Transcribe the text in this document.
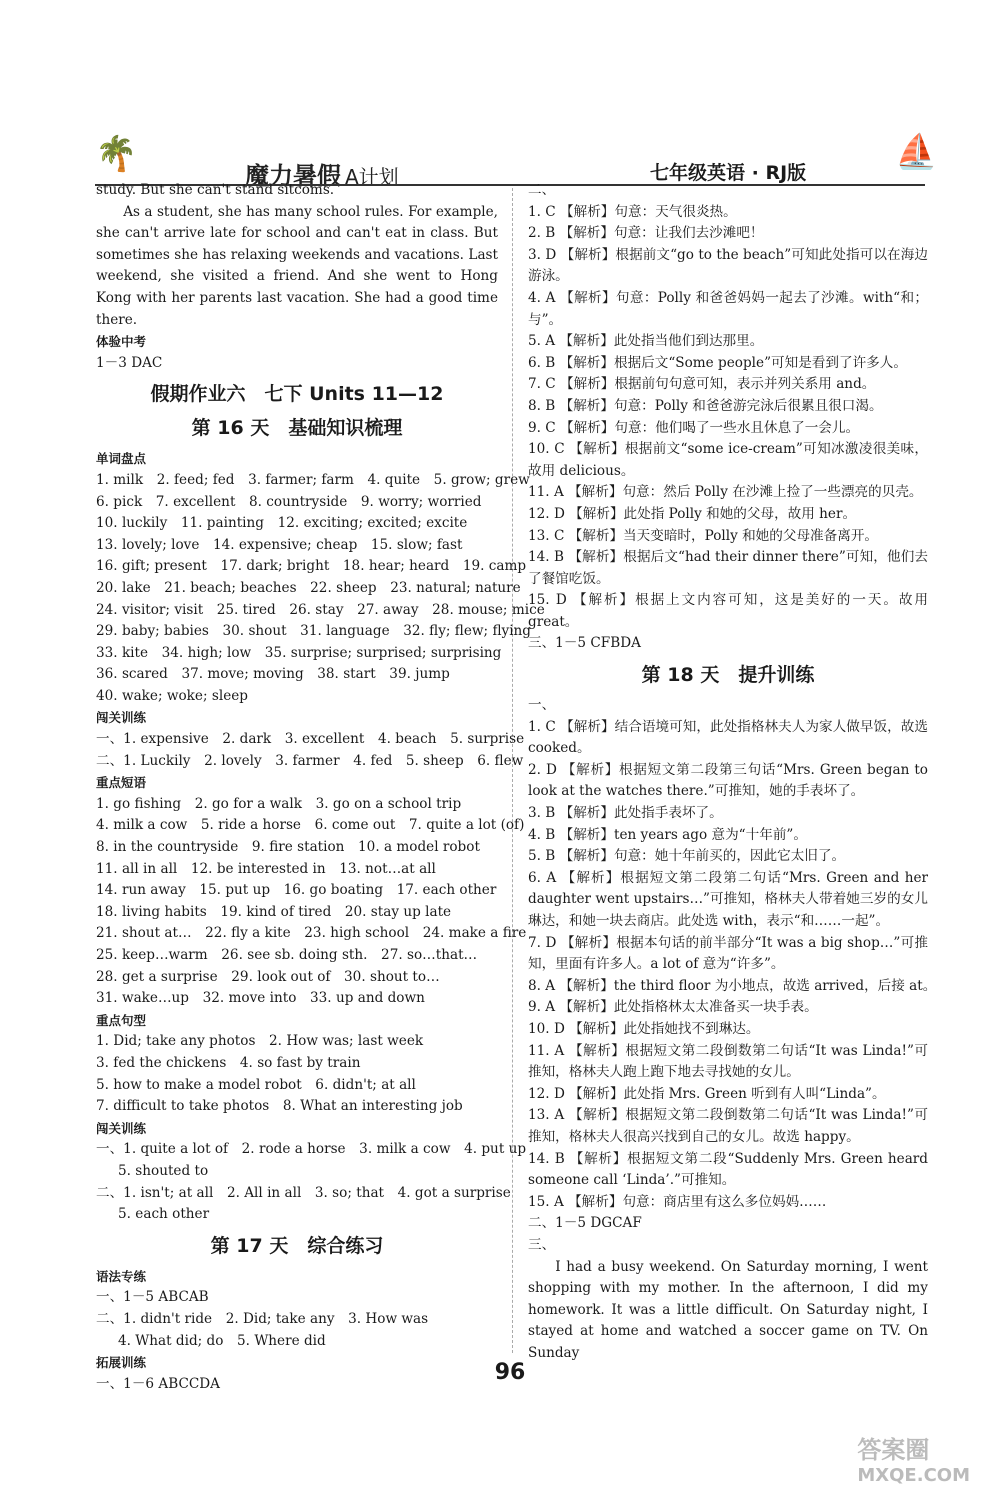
🌴
魔力暑假 A计划	七年级英语 · RJ版
⛵
study. But she can't stand sitcoms.
As a student, she has many school rules. For example, she can't arrive late for school and can't eat in class. But sometimes she has relaxing weekends and vacations. Last weekend, she visited a friend. And she went to Hong Kong with her parents last vacation. She had a good time there.
体验中考
1－3 DAC
假期作业六　七下 Units 11—12
第 16 天　基础知识梳理
单词盘点
1. milk　2. feed; fed　3. farmer; farm　4. quite　5. grow; grew
6. pick　7. excellent　8. countryside　9. worry; worried
10. luckily　11. painting　12. exciting; excited; excite
13. lovely; love　14. expensive; cheap　15. slow; fast
16. gift; present　17. dark; bright　18. hear; heard　19. camp
20. lake　21. beach; beaches　22. sheep　23. natural; nature
24. visitor; visit　25. tired　26. stay　27. away　28. mouse; mice
29. baby; babies　30. shout　31. language　32. fly; flew; flying
33. kite　34. high; low　35. surprise; surprised; surprising
36. scared　37. move; moving　38. start　39. jump
40. wake; woke; sleep
闯关训练
一、1. expensive　2. dark　3. excellent　4. beach　5. surprise
二、1. Luckily　2. lovely　3. farmer　4. fed　5. sheep　6. flew
重点短语
1. go fishing　2. go for a walk　3. go on a school trip
4. milk a cow　5. ride a horse　6. come out　7. quite a lot (of)
8. in the countryside　9. fire station　10. a model robot
11. all in all　12. be interested in　13. not…at all
14. run away　15. put up　16. go boating　17. each other
18. living habits　19. kind of tired　20. stay up late
21. shout at…　22. fly a kite　23. high school　24. make a fire
25. keep…warm　26. see sb. doing sth.　27. so…that…
28. get a surprise　29. look out of　30. shout to…
31. wake…up　32. move into　33. up and down
重点句型
1. Did; take any photos　2. How was; last week
3. fed the chickens　4. so fast by train
5. how to make a model robot　6. didn't; at all
7. difficult to take photos　8. What an interesting job
闯关训练
一、1. quite a lot of　2. rode a horse　3. milk a cow　4. put up
5. shouted to
二、1. isn't; at all　2. All in all　3. so; that　4. got a surprise
5. each other
第 17 天　综合练习
语法专练
一、1－5 ABCAB
二、1. didn't ride　2. Did; take any　3. How was
4. What did; do　5. Where did
拓展训练
一、1－6 ABCCDA
二、
1. C 【解析】句意：天气很炎热。
2. B 【解析】句意：让我们去沙滩吧！
3. D 【解析】根据前文“go to the beach”可知此处指可以在海边游泳。
4. A 【解析】句意：Polly 和爸爸妈妈一起去了沙滩。with“和；与”。
5. A 【解析】此处指当他们到达那里。
6. B 【解析】根据后文“Some people”可知是看到了许多人。
7. C 【解析】根据前句句意可知，表示并列关系用 and。
8. B 【解析】句意：Polly 和爸爸游完泳后很累且很口渴。
9. C 【解析】句意：他们喝了一些水且休息了一会儿。
10. C 【解析】根据前文“some ice-cream”可知冰激凌很美味，故用 delicious。
11. A 【解析】句意：然后 Polly 在沙滩上捡了一些漂亮的贝壳。
12. D 【解析】此处指 Polly 和她的父母，故用 her。
13. C 【解析】当天变暗时，Polly 和她的父母准备离开。
14. B 【解析】根据后文“had their dinner there”可知，他们去了餐馆吃饭。
15. D 【解析】根据上文内容可知，这是美好的一天。故用 great。
三、1－5 CFBDA
第 18 天　提升训练
一、
1. C 【解析】结合语境可知，此处指格林夫人为家人做早饭，故选 cooked。
2. D 【解析】根据短文第二段第三句话“Mrs. Green began to look at the watches there.”可推知，她的手表坏了。
3. B 【解析】此处指手表坏了。
4. B 【解析】ten years ago 意为“十年前”。
5. B 【解析】句意：她十年前买的，因此它太旧了。
6. A 【解析】根据短文第二段第二句话“Mrs. Green and her daughter went upstairs…”可推知，格林夫人带着她三岁的女儿琳达，和她一块去商店。此处选 with，表示“和……一起”。
7. D 【解析】根据本句话的前半部分“It was a big shop…”可推知，里面有许多人。a lot of 意为“许多”。
8. A 【解析】the third floor 为小地点，故选 arrived，后接 at。
9. A 【解析】此处指格林太太准备买一块手表。
10. D 【解析】此处指她找不到琳达。
11. A 【解析】根据短文第二段倒数第二句话“It was Linda!”可推知，格林夫人跑上跑下地去寻找她的女儿。
12. D 【解析】此处指 Mrs. Green 听到有人叫“Linda”。
13. A 【解析】根据短文第二段倒数第二句话“It was Linda!”可推知，格林夫人很高兴找到自己的女儿。故选 happy。
14. B 【解析】根据短文第二段“Suddenly Mrs. Green heard someone call ‘Linda’.”可推知。
15. A 【解析】句意：商店里有这么多位妈妈……
二、1－5 DGCAF
三、
I had a busy weekend. On Saturday morning, I went shopping with my mother. In the afternoon, I did my homework. It was a little difficult. On Saturday night, I stayed at home and watched a soccer game on TV. On Sunday
96
答案圈
MXQE.COM
